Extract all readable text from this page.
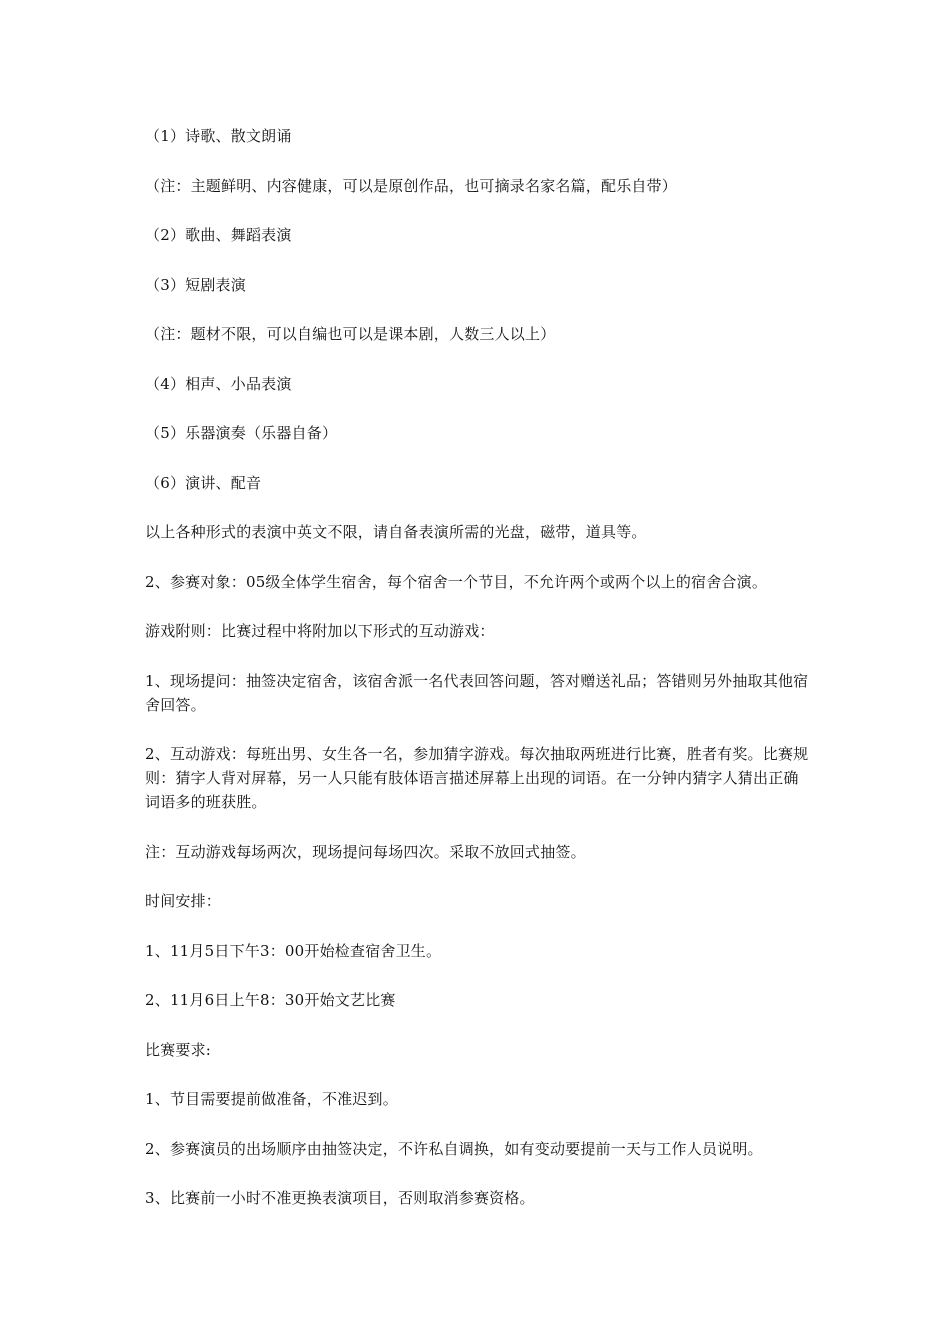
（1）诗歌、散文朗诵

（注：主题鲜明、内容健康，可以是原创作品，也可摘录名家名篇，配乐自带）

（2）歌曲、舞蹈表演

（3）短剧表演

（注：题材不限，可以自编也可以是课本剧，人数三人以上）

（4）相声、小品表演

（5）乐器演奏（乐器自备）

（6）演讲、配音

以上各种形式的表演中英文不限，请自备表演所需的光盘，磁带，道具等。

2、参赛对象：05级全体学生宿舍，每个宿舍一个节目，不允许两个或两个以上的宿舍合演。

游戏附则：比赛过程中将附加以下形式的互动游戏：

1、现场提问：抽签决定宿舍，该宿舍派一名代表回答问题，答对赠送礼品；答错则另外抽取其他宿舍回答。

2、互动游戏：每班出男、女生各一名，参加猜字游戏。每次抽取两班进行比赛，胜者有奖。比赛规则：猜字人背对屏幕，另一人只能有肢体语言描述屏幕上出现的词语。在一分钟内猜字人猜出正确词语多的班获胜。

注：互动游戏每场两次，现场提问每场四次。采取不放回式抽签。

时间安排：

1、11月5日下午3：00开始检查宿舍卫生。

2、11月6日上午8：30开始文艺比赛

比赛要求:

1、节目需要提前做准备，不准迟到。

2、参赛演员的出场顺序由抽签决定，不许私自调换，如有变动要提前一天与工作人员说明。

3、比赛前一小时不准更换表演项目，否则取消参赛资格。
